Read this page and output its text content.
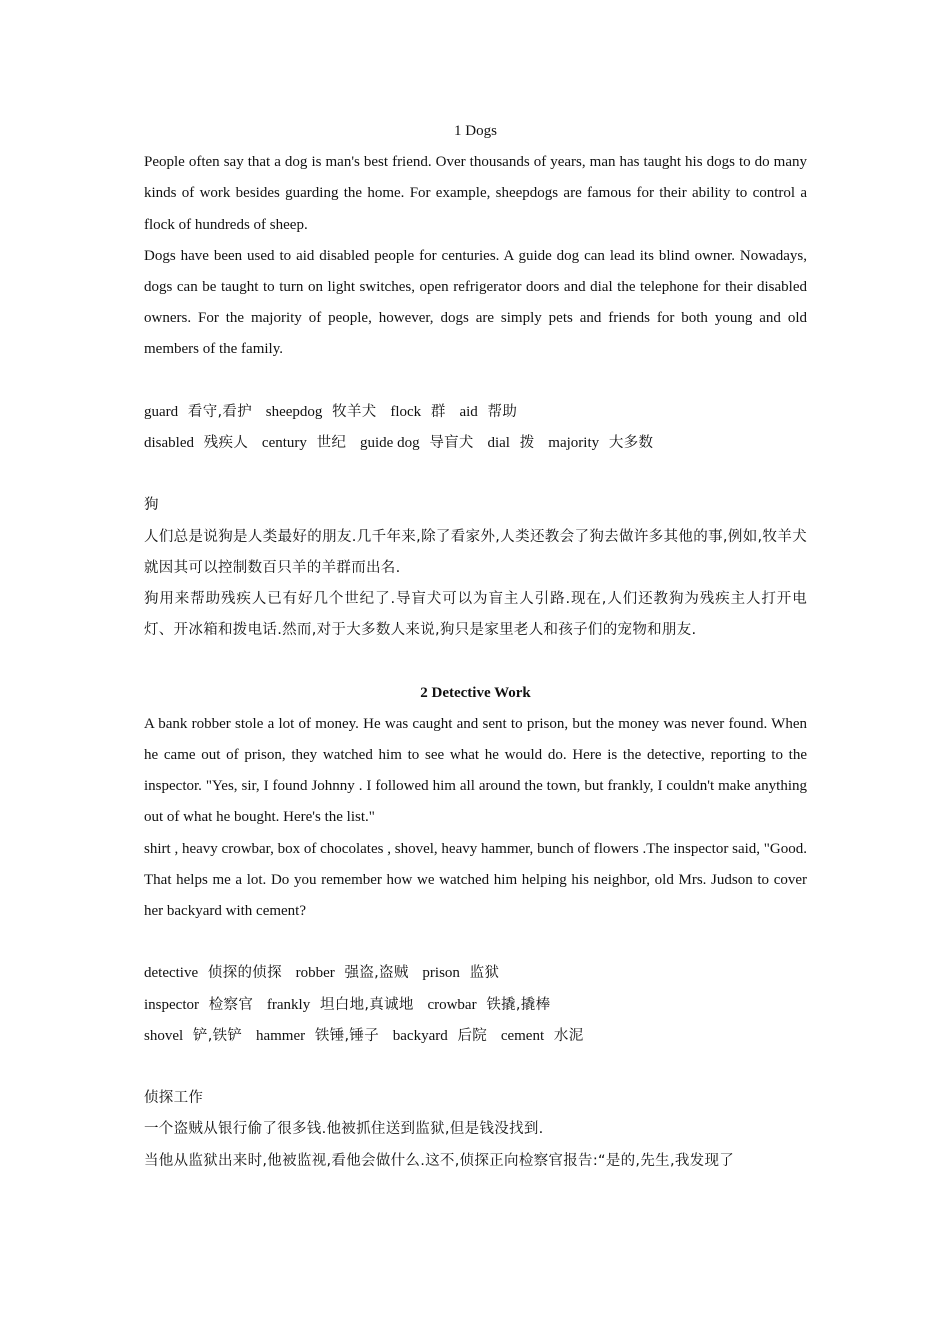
1 Dogs

People often say that a dog is man's best friend. Over thousands of years, man has taught his dogs to do many kinds of work besides guarding the home. For example, sheepdogs are famous for their ability to control a flock of hundreds of sheep.

Dogs have been used to aid disabled people for centuries. A guide dog can lead its blind owner. Nowadays, dogs can be taught to turn on light switches, open refrigerator doors and dial the telephone for their disabled owners. For the majority of people, however, dogs are simply pets and friends for both young and old members of the family.

guard 看守,看护 sheepdog 牧羊犬 flock 群 aid 帮助
disabled 残疾人 century 世纪 guide dog 导盲犬 dial 拨 majority 大多数

狗

人们总是说狗是人类最好的朋友.几千年来,除了看家外,人类还教会了狗去做许多其他的事,例如,牧羊犬就因其可以控制数百只羊的羊群而出名.

狗用来帮助残疾人已有好几个世纪了.导盲犬可以为盲主人引路.现在,人们还教狗为残疾主人打开电灯、开冰箱和拨电话.然而,对于大多数人来说,狗只是家里老人和孩子们的宠物和朋友.

2 Detective Work

A bank robber stole a lot of money. He was caught and sent to prison, but the money was never found. When he came out of prison, they watched him to see what he would do. Here is the detective, reporting to the inspector. "Yes, sir, I found Johnny . I followed him all around the town, but frankly, I couldn't make anything out of what he bought. Here's the list."

shirt , heavy crowbar, box of chocolates , shovel, heavy hammer, bunch of flowers .The inspector said, "Good. That helps me a lot. Do you remember how we watched him helping his neighbor, old Mrs. Judson to cover her backyard with cement?

detective 侦探的侦探 robber 强盗,盗贼 prison 监狱
inspector 检察官 frankly 坦白地,真诚地 crowbar 铁撬,撬棒
shovel 铲,铁铲 hammer 铁锤,锤子 backyard 后院 cement 水泥

侦探工作

一个盗贼从银行偷了很多钱.他被抓住送到监狱,但是钱没找到.

当他从监狱出来时,他被监视,看他会做什么.这不,侦探正向检察官报告:“是的,先生,我发现了
